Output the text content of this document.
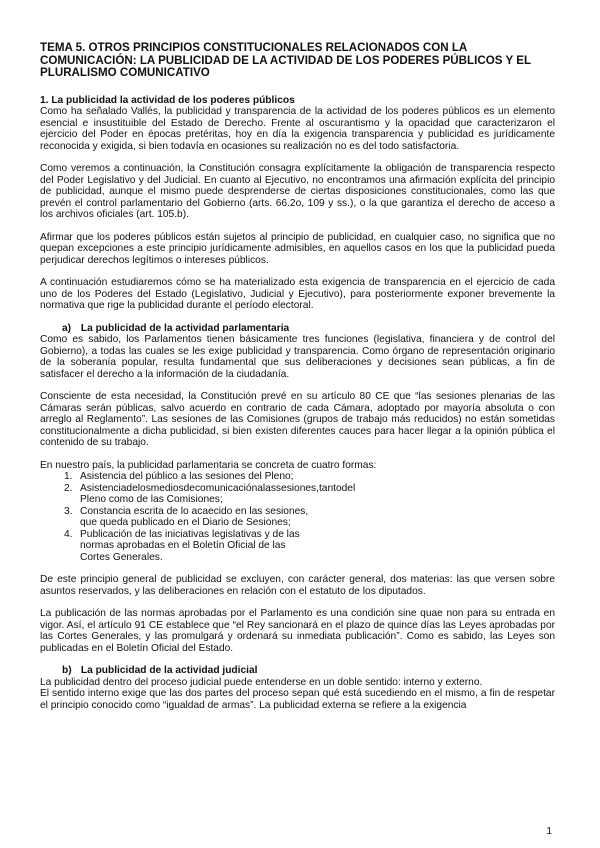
TEMA 5. OTROS PRINCIPIOS CONSTITUCIONALES RELACIONADOS CON LA COMUNICACIÓN: LA PUBLICIDAD DE LA ACTIVIDAD DE LOS PODERES PÚBLICOS Y EL PLURALISMO COMUNICATIVO
1. La publicidad la actividad de los poderes públicos

Como ha señalado Vallés, la publicidad y transparencia de la actividad de los poderes públicos es un elemento esencial e insustituible del Estado de Derecho. Frente al oscurantismo y la opacidad que caracterizaron el ejercicio del Poder en épocas pretéritas, hoy en día la exigencia transparencia y publicidad es jurídicamente reconocida y exigida, si bien todavía en ocasiones su realización no es del todo satisfactoria.

Como veremos a continuación, la Constitución consagra explícitamente la obligación de transparencia respecto del Poder Legislativo y del Judicial. En cuanto al Ejecutivo, no encontramos una afirmación explícita del principio de publicidad, aunque el mismo puede desprenderse de ciertas disposiciones constitucionales, como las que prevén el control parlamentario del Gobierno (arts. 66.2o, 109 y ss.), o la que garantiza el derecho de acceso a los archivos oficiales (art. 105.b).

Afirmar que los poderes públicos están sujetos al principio de publicidad, en cualquier caso, no significa que no quepan excepciones a este principio jurídicamente admisibles, en aquellos casos en los que la publicidad pueda perjudicar derechos legítimos o intereses públicos.

A continuación estudiaremos cómo se ha materializado esta exigencia de transparencia en el ejercicio de cada uno de los Poderes del Estado (Legislativo, Judicial y Ejecutivo), para posteriormente exponer brevemente la normativa que rige la publicidad durante el período electoral.

a) La publicidad de la actividad parlamentaria

Como es sabido, los Parlamentos tienen básicamente tres funciones (legislativa, financiera y de control del Gobierno), a todas las cuales se les exige publicidad y transparencia. Como órgano de representación originario de la soberanía popular, resulta fundamental que sus deliberaciones y decisiones sean públicas, a fin de satisfacer el derecho a la información de la ciudadanía.

Consciente de esta necesidad, la Constitución prevé en su artículo 80 CE que “las sesiones plenarias de las Cámaras serán públicas, salvo acuerdo en contrario de cada Cámara, adoptado por mayoría absoluta o con arreglo al Reglamento”. Las sesiones de las Comisiones (grupos de trabajo más reducidos) no están sometidas constitucionalmente a dicha publicidad, si bien existen diferentes cauces para hacer llegar a la opinión pública el contenido de su trabajo.

En nuestro país, la publicidad parlamentaria se concreta de cuatro formas:

1. Asistencia del público a las sesiones del Pleno;
2. Asistenciadelosmediosdecomunicaciónalassesiones,tantodel Pleno como de las Comisiones;
3. Constancia escrita de lo acaecido en las sesiones, que queda publicado en el Diario de Sesiones;
4. Publicación de las iniciativas legislativas y de las normas aprobadas en el Boletín Oficial de las Cortes Generales.

De este principio general de publicidad se excluyen, con carácter general, dos materias: las que versen sobre asuntos reservados, y las deliberaciones en relación con el estatuto de los diputados.

La publicación de las normas aprobadas por el Parlamento es una condición sine quae non para su entrada en vigor. Así, el artículo 91 CE establece que “el Rey sancionará en el plazo de quince días las Leyes aprobadas por las Cortes Generales, y las promulgará y ordenará su inmediata publicación”. Como es sabido, las Leyes son publicadas en el Boletín Oficial del Estado.

b) La publicidad de la actividad judicial

La publicidad dentro del proceso judicial puede entenderse en un doble sentido: interno y externo.

El sentido interno exige que las dos partes del proceso sepan qué está sucediendo en el mismo, a fin de respetar el principio conocido como “igualdad de armas”. La publicidad externa se refiere a la exigencia

1
